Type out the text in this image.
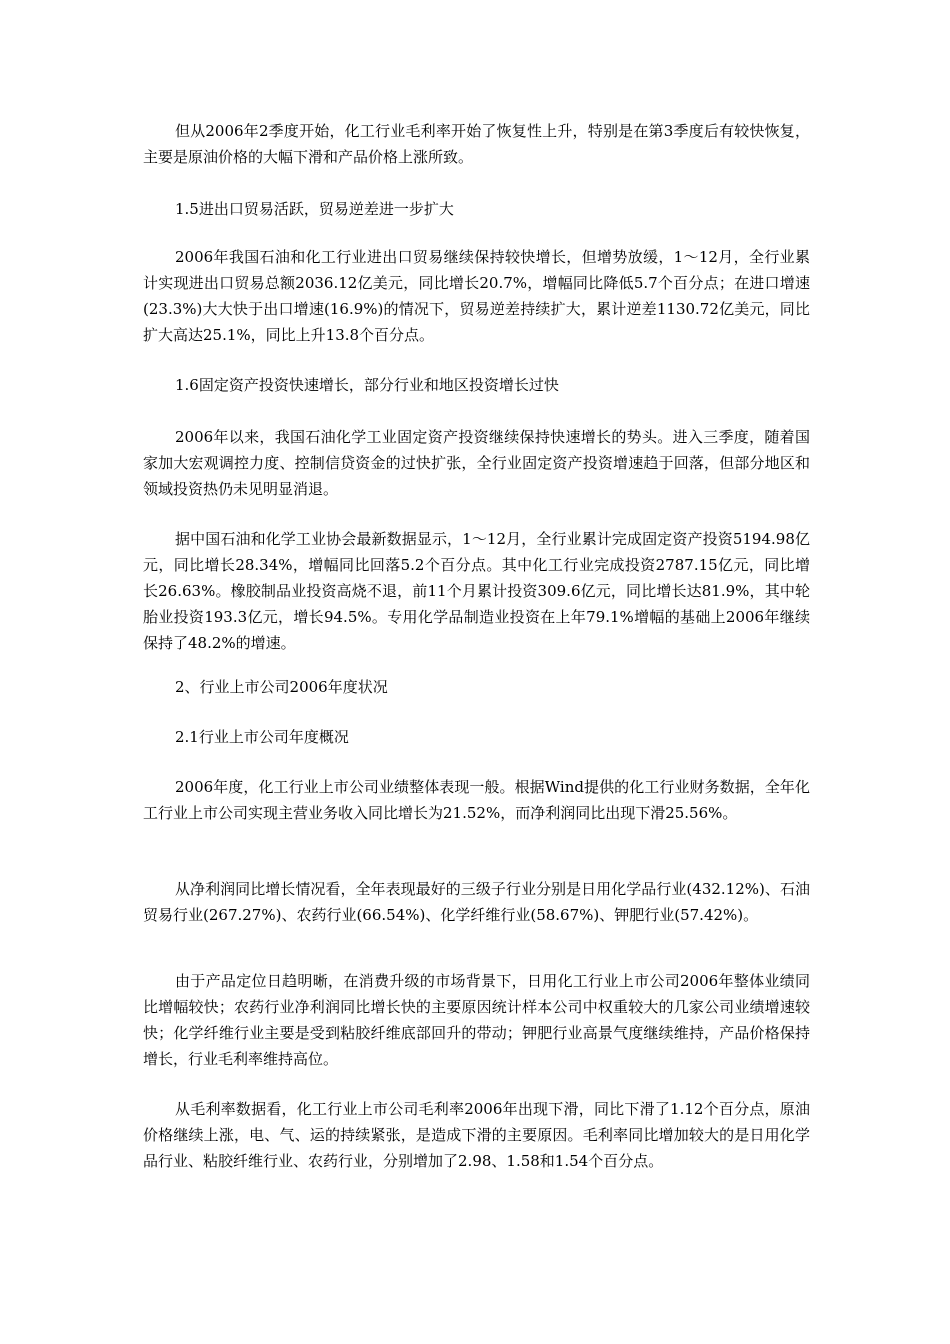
但从2006年2季度开始，化工行业毛利率开始了恢复性上升，特别是在第3季度后有较快恢复，主要是原油价格的大幅下滑和产品价格上涨所致。

1.5进出口贸易活跃，贸易逆差进一步扩大

2006年我国石油和化工行业进出口贸易继续保持较快增长，但增势放缓，1～12月，全行业累计实现进出口贸易总额2036.12亿美元，同比增长20.7%，增幅同比降低5.7个百分点；在进口增速(23.3%)大大快于出口增速(16.9%)的情况下，贸易逆差持续扩大，累计逆差1130.72亿美元，同比扩大高达25.1%，同比上升13.8个百分点。

1.6固定资产投资快速增长，部分行业和地区投资增长过快

2006年以来，我国石油化学工业固定资产投资继续保持快速增长的势头。进入三季度，随着国家加大宏观调控力度、控制信贷资金的过快扩张，全行业固定资产投资增速趋于回落，但部分地区和领域投资热仍未见明显消退。

据中国石油和化学工业协会最新数据显示，1～12月，全行业累计完成固定资产投资5194.98亿元，同比增长28.34%，增幅同比回落5.2个百分点。其中化工行业完成投资2787.15亿元，同比增长26.63%。橡胶制品业投资高烧不退，前11个月累计投资309.6亿元，同比增长达81.9%，其中轮胎业投资193.3亿元，增长94.5%。专用化学品制造业投资在上年79.1%增幅的基础上2006年继续保持了48.2%的增速。

2、行业上市公司2006年度状况

2.1行业上市公司年度概况

2006年度，化工行业上市公司业绩整体表现一般。根据Wind提供的化工行业财务数据，全年化工行业上市公司实现主营业务收入同比增长为21.52%，而净利润同比出现下滑25.56%。

从净利润同比增长情况看，全年表现最好的三级子行业分别是日用化学品行业(432.12%)、石油贸易行业(267.27%)、农药行业(66.54%)、化学纤维行业(58.67%)、钾肥行业(57.42%)。

由于产品定位日趋明晰，在消费升级的市场背景下，日用化工行业上市公司2006年整体业绩同比增幅较快；农药行业净利润同比增长快的主要原因统计样本公司中权重较大的几家公司业绩增速较快；化学纤维行业主要是受到粘胶纤维底部回升的带动；钾肥行业高景气度继续维持，产品价格保持增长，行业毛利率维持高位。

从毛利率数据看，化工行业上市公司毛利率2006年出现下滑，同比下滑了1.12个百分点，原油价格继续上涨，电、气、运的持续紧张，是造成下滑的主要原因。毛利率同比增加较大的是日用化学品行业、粘胶纤维行业、农药行业，分别增加了2.98、1.58和1.54个百分点。
